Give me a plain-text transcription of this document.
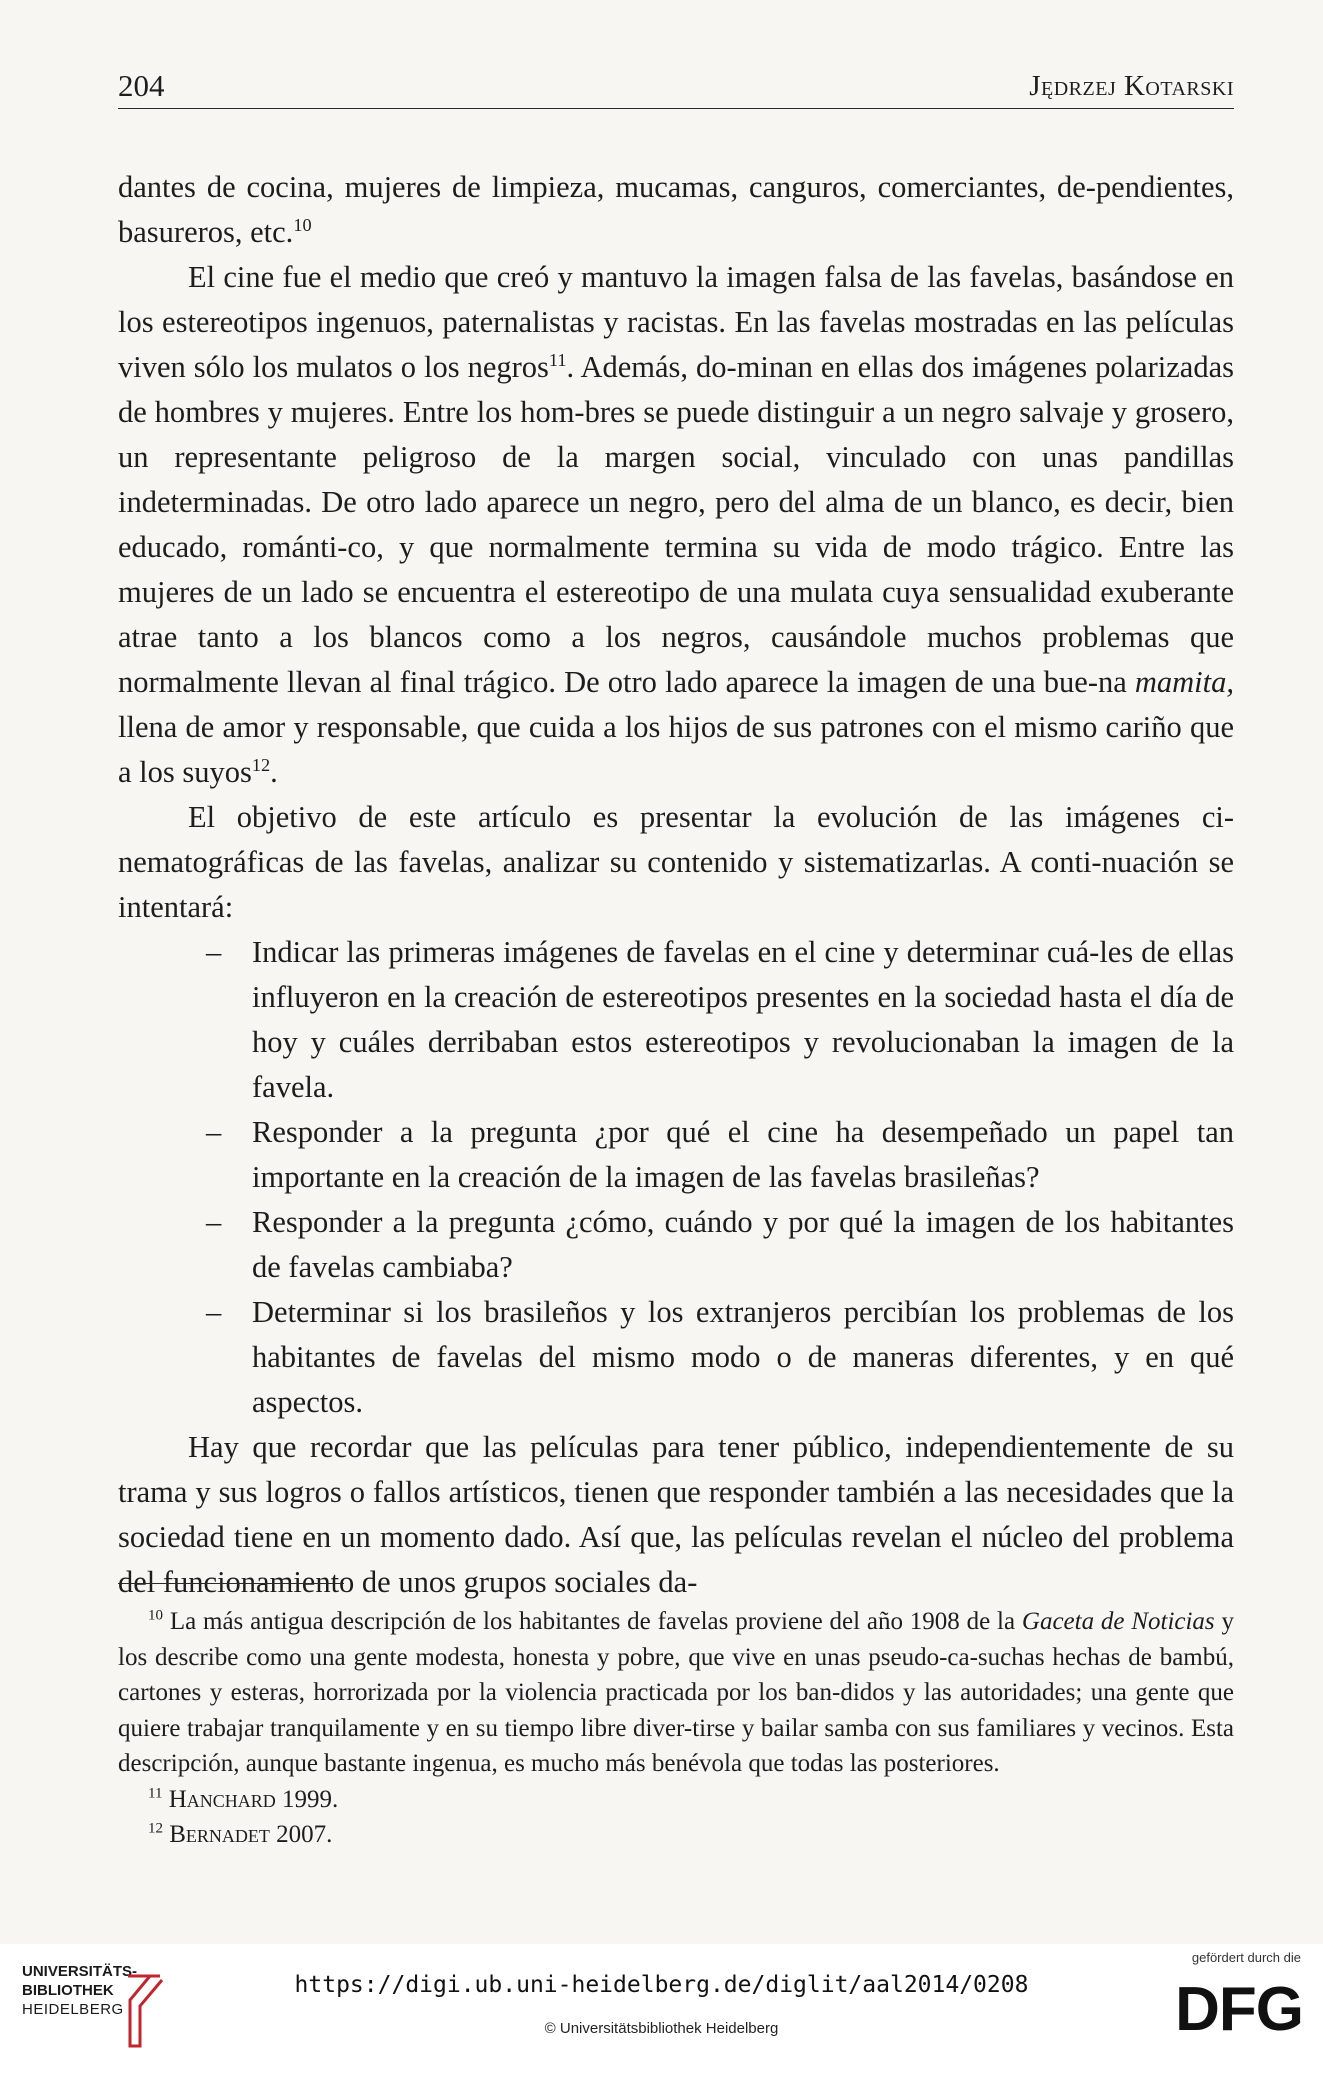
204	Jędrzej Kotarski

dantes de cocina, mujeres de limpieza, mucamas, canguros, comerciantes, de-pendientes, basureros, etc.$^{10}$

El cine fue el medio que creó y mantuvo la imagen falsa de las favelas, basándose en los estereotipos ingenuos, paternalistas y racistas. En las favelas mostradas en las películas viven sólo los mulatos o los negros$^{11}$. Además, do-minan en ellas dos imágenes polarizadas de hombres y mujeres. Entre los hom-bres se puede distinguir a un negro salvaje y grosero, un representante peligroso de la margen social, vinculado con unas pandillas indeterminadas. De otro lado aparece un negro, pero del alma de un blanco, es decir, bien educado, románti-co, y que normalmente termina su vida de modo trágico. Entre las mujeres de un lado se encuentra el estereotipo de una mulata cuya sensualidad exuberante atrae tanto a los blancos como a los negros, causándole muchos problemas que normalmente llevan al final trágico. De otro lado aparece la imagen de una bue-na mamita, llena de amor y responsable, que cuida a los hijos de sus patrones con el mismo cariño que a los suyos$^{12}$.

El objetivo de este artículo es presentar la evolución de las imágenes ci-nematográficas de las favelas, analizar su contenido y sistematizarlas. A conti-nuación se intentará:

– Indicar las primeras imágenes de favelas en el cine y determinar cuá-les de ellas influyeron en la creación de estereotipos presentes en la sociedad hasta el día de hoy y cuáles derribaban estos estereotipos y revolucionaban la imagen de la favela.
– Responder a la pregunta ¿por qué el cine ha desempeñado un papel tan importante en la creación de la imagen de las favelas brasileñas?
– Responder a la pregunta ¿cómo, cuándo y por qué la imagen de los habitantes de favelas cambiaba?
– Determinar si los brasileños y los extranjeros percibían los problemas de los habitantes de favelas del mismo modo o de maneras diferentes, y en qué aspectos.

Hay que recordar que las películas para tener público, independientemente de su trama y sus logros o fallos artísticos, tienen que responder también a las necesidades que la sociedad tiene en un momento dado. Así que, las películas revelan el núcleo del problema del funcionamiento de unos grupos sociales da-

$^{10}$ La más antigua descripción de los habitantes de favelas proviene del año 1908 de la Gaceta de Noticias y los describe como una gente modesta, honesta y pobre, que vive en unas pseudo-ca-suchas hechas de bambú, cartones y esteras, horrorizada por la violencia practicada por los ban-didos y las autoridades; una gente que quiere trabajar tranquilamente y en su tiempo libre diver-tirse y bailar samba con sus familiares y vecinos. Esta descripción, aunque bastante ingenua, es mucho más benévola que todas las posteriores.

$^{11}$ Hanchard 1999.

$^{12}$ Bernadet 2007.

UNIVERSITÄTS-
BIBLIOTHEK
HEIDELBERG
https://digi.ub.uni-heidelberg.de/diglit/aal2014/0208
© Universitätsbibliothek Heidelberg
gefördert durch die
DFG
